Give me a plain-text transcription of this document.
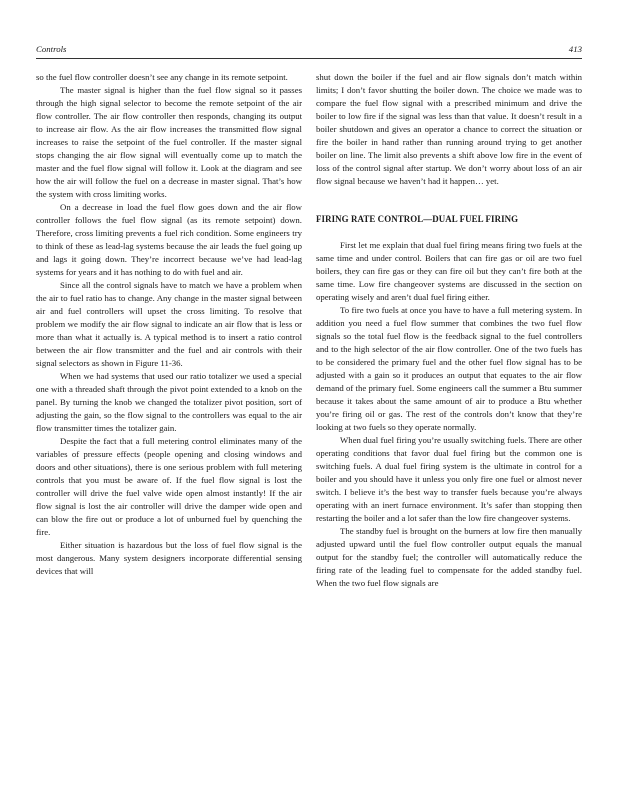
Controls	413

so the fuel flow controller doesn’t see any change in its remote setpoint.

The master signal is higher than the fuel flow signal so it passes through the high signal selector to become the remote setpoint of the air flow controller. The air flow controller then responds, changing its output to increase air flow. As the air flow increases the transmitted flow signal increases to raise the setpoint of the fuel controller. If the master signal stops changing the air flow signal will eventually come up to match the master and the fuel flow signal will follow it. Look at the diagram and see how the air will follow the fuel on a decrease in master signal. That’s how the system with cross limiting works.

On a decrease in load the fuel flow goes down and the air flow controller follows the fuel flow signal (as its remote setpoint) down. Therefore, cross limiting prevents a fuel rich condition. Some engineers try to think of these as lead-lag systems because the air leads the fuel going up and lags it going down. They’re incorrect because we’ve had lead-lag systems for years and it has nothing to do with fuel and air.

Since all the control signals have to match we have a problem when the air to fuel ratio has to change. Any change in the master signal between air and fuel controllers will upset the cross limiting. To resolve that problem we modify the air flow signal to indicate an air flow that is less or more than what it actually is. A typical method is to insert a ratio control between the air flow transmitter and the fuel and air controls with their signal selectors as shown in Figure 11-36.

When we had systems that used our ratio totalizer we used a special one with a threaded shaft through the pivot point extended to a knob on the panel. By turning the knob we changed the totalizer pivot position, sort of adjusting the gain, so the flow signal to the controllers was equal to the air flow transmitter times the totalizer gain.

Despite the fact that a full metering control eliminates many of the variables of pressure effects (people opening and closing windows and doors and other situations), there is one serious problem with full metering controls that you must be aware of. If the fuel flow signal is lost the controller will drive the fuel valve wide open almost instantly! If the air flow signal is lost the air controller will drive the damper wide open and can blow the fire out or produce a lot of unburned fuel by quenching the fire.

Either situation is hazardous but the loss of fuel flow signal is the most dangerous. Many system designers incorporate differential sensing devices that will

shut down the boiler if the fuel and air flow signals don’t match within limits; I don’t favor shutting the boiler down. The choice we made was to compare the fuel flow signal with a prescribed minimum and drive the boiler to low fire if the signal was less than that value. It doesn’t result in a boiler shutdown and gives an operator a chance to correct the situation or fire the boiler in hand rather than running around trying to get another boiler on line. The limit also prevents a shift above low fire in the event of loss of the control signal after startup. We don’t worry about loss of an air flow signal because we haven’t had it happen… yet.

FIRING RATE CONTROL—DUAL FUEL FIRING

First let me explain that dual fuel firing means firing two fuels at the same time and under control. Boilers that can fire gas or oil are two fuel boilers, they can fire gas or they can fire oil but they can’t fire both at the same time. Low fire changeover systems are discussed in the section on operating wisely and aren’t dual fuel firing either.

To fire two fuels at once you have to have a full metering system. In addition you need a fuel flow summer that combines the two fuel flow signals so the total fuel flow is the feedback signal to the fuel controllers and to the high selector of the air flow controller. One of the two fuels has to be considered the primary fuel and the other fuel flow signal has to be adjusted with a gain so it produces an output that equates to the air flow demand of the primary fuel. Some engineers call the summer a Btu summer because it takes about the same amount of air to produce a Btu whether you’re firing oil or gas. The rest of the controls don’t know that they’re looking at two fuels so they operate normally.

When dual fuel firing you’re usually switching fuels. There are other operating conditions that favor dual fuel firing but the common one is switching fuels. A dual fuel firing system is the ultimate in control for a boiler and you should have it unless you only fire one fuel or almost never switch. I believe it’s the best way to transfer fuels because you’re always operating with an inert furnace environment. It’s safer than stopping then restarting the boiler and a lot safer than the low fire changeover systems.

The standby fuel is brought on the burners at low fire then manually adjusted upward until the fuel flow controller output equals the manual output for the standby fuel; the controller will automatically reduce the firing rate of the leading fuel to compensate for the added standby fuel. When the two fuel flow signals are
